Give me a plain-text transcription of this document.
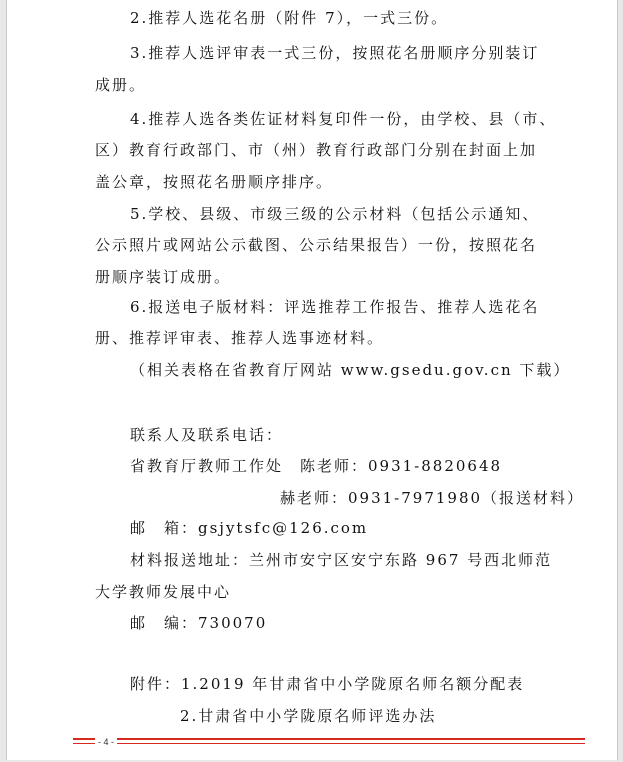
2.推荐人选花名册（附件 7），一式三份。
3.推荐人选评审表一式三份，按照花名册顺序分别装订
成册。
4.推荐人选各类佐证材料复印件一份，由学校、县（市、
区）教育行政部门、市（州）教育行政部门分别在封面上加
盖公章，按照花名册顺序排序。
5.学校、县级、市级三级的公示材料（包括公示通知、
公示照片或网站公示截图、公示结果报告）一份，按照花名
册顺序装订成册。
6.报送电子版材料：评选推荐工作报告、推荐人选花名
册、推荐评审表、推荐人选事迹材料。
（相关表格在省教育厅网站 www.gsedu.gov.cn 下载）
联系人及联系电话：
省教育厅教师工作处　陈老师：0931-8820648
赫老师：0931-7971980（报送材料）
邮　箱：gsjytsfc@126.com
材料报送地址：兰州市安宁区安宁东路 967 号西北师范
大学教师发展中心
邮　编：730070
附件：1.2019 年甘肃省中小学陇原名师名额分配表
2.甘肃省中小学陇原名师评选办法
- 4 -
